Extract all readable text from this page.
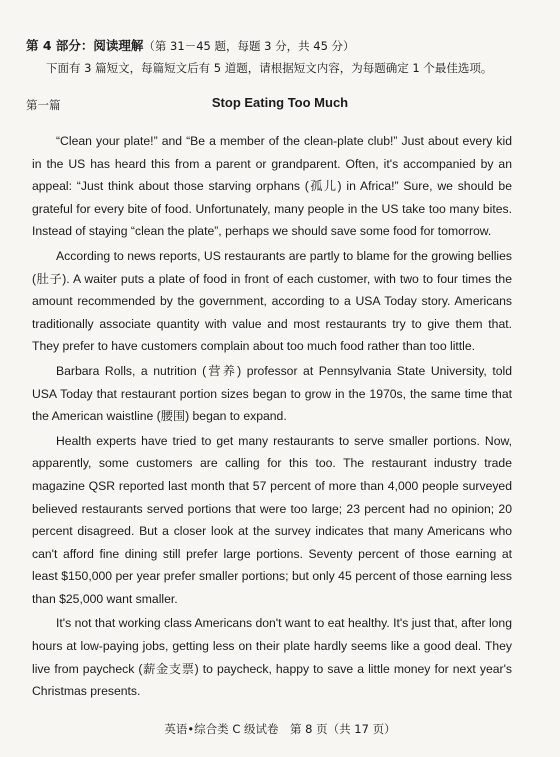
第 4 部分：阅读理解（第 31－45 题，每题 3 分，共 45 分）
下面有 3 篇短文，每篇短文后有 5 道题，请根据短文内容，为每题确定 1 个最佳选项。
第一篇	Stop Eating Too Much

“Clean your plate!” and “Be a member of the clean-plate club!” Just about every kid in the US has heard this from a parent or grandparent. Often, it's accompanied by an appeal: “Just think about those starving orphans (孤儿) in Africa!” Sure, we should be grateful for every bite of food. Unfortunately, many people in the US take too many bites. Instead of staying “clean the plate”, perhaps we should save some food for tomorrow.

According to news reports, US restaurants are partly to blame for the growing bellies (肚子). A waiter puts a plate of food in front of each customer, with two to four times the amount recommended by the government, according to a USA Today story. Americans traditionally associate quantity with value and most restaurants try to give them that. They prefer to have customers complain about too much food rather than too little.

Barbara Rolls, a nutrition (营养) professor at Pennsylvania State University, told USA Today that restaurant portion sizes began to grow in the 1970s, the same time that the American waistline (腰围) began to expand.

Health experts have tried to get many restaurants to serve smaller portions. Now, apparently, some customers are calling for this too. The restaurant industry trade magazine QSR reported last month that 57 percent of more than 4,000 people surveyed believed restaurants served portions that were too large; 23 percent had no opinion; 20 percent disagreed. But a closer look at the survey indicates that many Americans who can't afford fine dining still prefer large portions. Seventy percent of those earning at least $150,000 per year prefer smaller portions; but only 45 percent of those earning less than $25,000 want smaller.

It's not that working class Americans don't want to eat healthy. It's just that, after long hours at low-paying jobs, getting less on their plate hardly seems like a good deal. They live from paycheck (薪金支票) to paycheck, happy to save a little money for next year's Christmas presents.

英语•综合类 C 级试卷　第 8 页（共 17 页）
